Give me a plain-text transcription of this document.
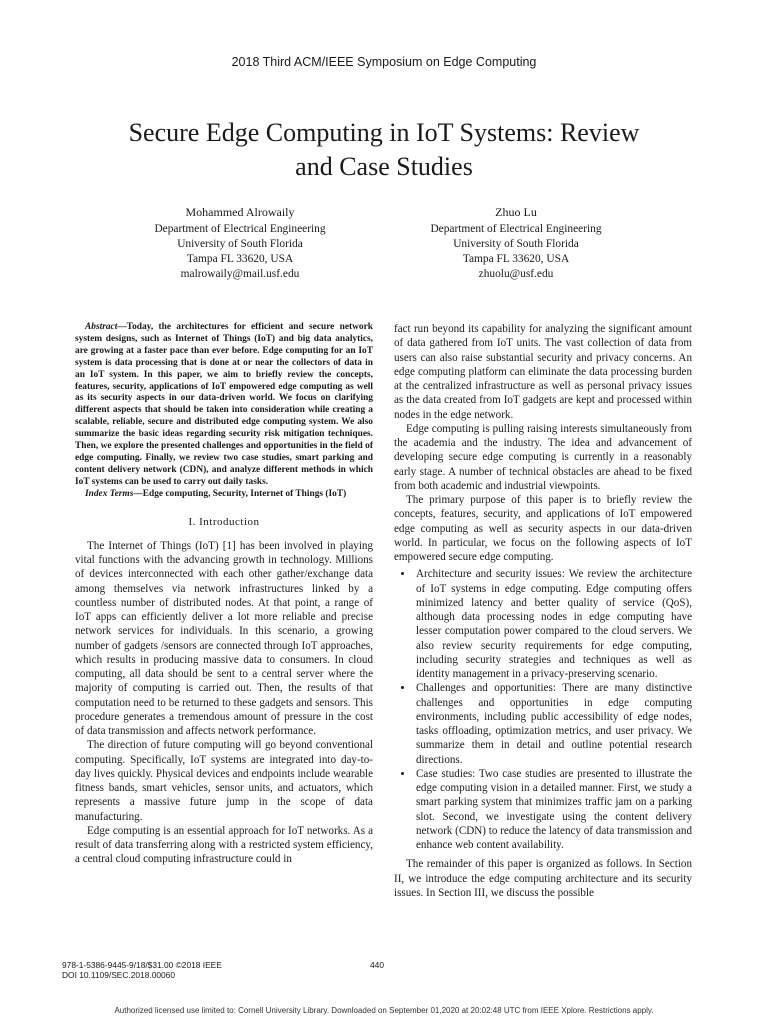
2018 Third ACM/IEEE Symposium on Edge Computing
Secure Edge Computing in IoT Systems: Review
and Case Studies
Mohammed Alrowaily
Department of Electrical Engineering
University of South Florida
Tampa FL 33620, USA
malrowaily@mail.usf.edu
Zhuo Lu
Department of Electrical Engineering
University of South Florida
Tampa FL 33620, USA
zhuolu@usf.edu

Abstract—Today, the architectures for efficient and secure network system designs, such as Internet of Things (IoT) and big data analytics, are growing at a faster pace than ever before. Edge computing for an IoT system is data processing that is done at or near the collectors of data in an IoT system. In this paper, we aim to briefly review the concepts, features, security, applications of IoT empowered edge computing as well as its security aspects in our data-driven world. We focus on clarifying different aspects that should be taken into consideration while creating a scalable, reliable, secure and distributed edge computing system. We also summarize the basic ideas regarding security risk mitigation techniques. Then, we explore the presented challenges and opportunities in the field of edge computing. Finally, we review two case studies, smart parking and content delivery network (CDN), and analyze different methods in which IoT systems can be used to carry out daily tasks.

Index Terms—Edge computing, Security, Internet of Things (IoT)

I. Introduction

The Internet of Things (IoT) [1] has been involved in playing vital functions with the advancing growth in technology. Millions of devices interconnected with each other gather/exchange data among themselves via network infrastructures linked by a countless number of distributed nodes. At that point, a range of IoT apps can efficiently deliver a lot more reliable and precise network services for individuals. In this scenario, a growing number of gadgets /sensors are connected through IoT approaches, which results in producing massive data to consumers. In cloud computing, all data should be sent to a central server where the majority of computing is carried out. Then, the results of that computation need to be returned to these gadgets and sensors. This procedure generates a tremendous amount of pressure in the cost of data transmission and affects network performance.

The direction of future computing will go beyond conventional computing. Specifically, IoT systems are integrated into day-to-day lives quickly. Physical devices and endpoints include wearable fitness bands, smart vehicles, sensor units, and actuators, which represents a massive future jump in the scope of data manufacturing.

Edge computing is an essential approach for IoT networks. As a result of data transferring along with a restricted system efficiency, a central cloud computing infrastructure could in

fact run beyond its capability for analyzing the significant amount of data gathered from IoT units. The vast collection of data from users can also raise substantial security and privacy concerns. An edge computing platform can eliminate the data processing burden at the centralized infrastructure as well as personal privacy issues as the data created from IoT gadgets are kept and processed within nodes in the edge network.

Edge computing is pulling raising interests simultaneously from the academia and the industry. The idea and advancement of developing secure edge computing is currently in a reasonably early stage. A number of technical obstacles are ahead to be fixed from both academic and industrial viewpoints.

The primary purpose of this paper is to briefly review the concepts, features, security, and applications of IoT empowered edge computing as well as security aspects in our data-driven world. In particular, we focus on the following aspects of IoT empowered secure edge computing.

• Architecture and security issues: We review the architecture of IoT systems in edge computing. Edge computing offers minimized latency and better quality of service (QoS), although data processing nodes in edge computing have lesser computation power compared to the cloud servers. We also review security requirements for edge computing, including security strategies and techniques as well as identity management in a privacy-preserving scenario.
• Challenges and opportunities: There are many distinctive challenges and opportunities in edge computing environments, including public accessibility of edge nodes, tasks offloading, optimization metrics, and user privacy. We summarize them in detail and outline potential research directions.
• Case studies: Two case studies are presented to illustrate the edge computing vision in a detailed manner. First, we study a smart parking system that minimizes traffic jam on a parking slot. Second, we investigate using the content delivery network (CDN) to reduce the latency of data transmission and enhance web content availability.

The remainder of this paper is organized as follows. In Section II, we introduce the edge computing architecture and its security issues. In Section III, we discuss the possible

978-1-5386-9445-9/18/$31.00 ©2018 IEEE
DOI 10.1109/SEC.2018.00060
440
Authorized licensed use limited to: Cornell University Library. Downloaded on September 01,2020 at 20:02:48 UTC from IEEE Xplore. Restrictions apply.
